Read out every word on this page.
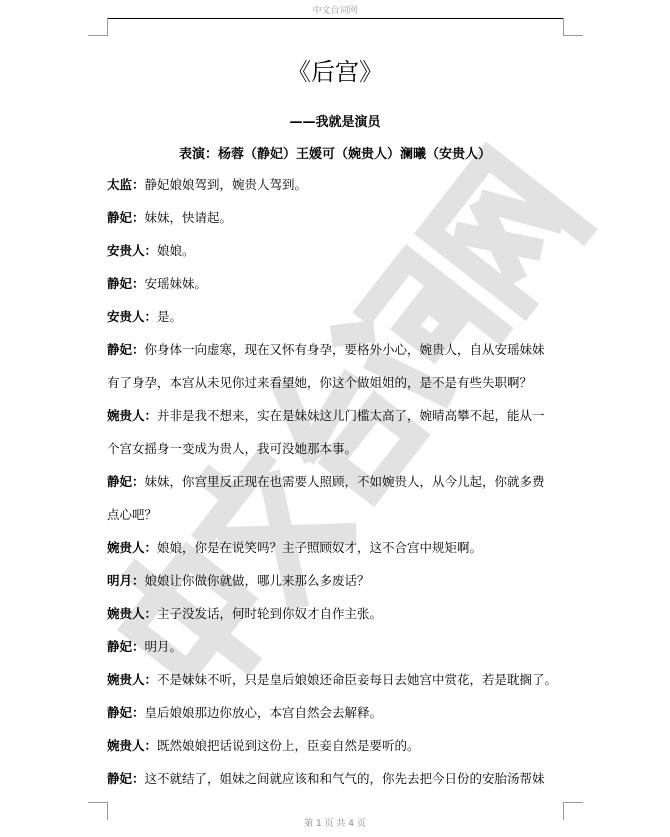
中文台词网
《后宫》
——我就是演员
表演：杨蓉（静妃）王媛可（婉贵人）澜曦（安贵人）
太监：静妃娘娘驾到，婉贵人驾到。
静妃：妹妹，快请起。
安贵人：娘娘。
静妃：安瑶妹妹。
安贵人：是。
静妃：你身体一向虚寒，现在又怀有身孕，要格外小心，婉贵人，自从安瑶妹妹
有了身孕，本宫从未见你过来看望她，你这个做姐姐的，是不是有些失职啊？
婉贵人：并非是我不想来，实在是妹妹这儿门槛太高了，婉晴高攀不起，能从一
个宫女摇身一变成为贵人，我可没她那本事。
静妃：妹妹，你宫里反正现在也需要人照顾，不如婉贵人，从今儿起，你就多费
点心吧？
婉贵人：娘娘，你是在说笑吗？主子照顾奴才，这不合宫中规矩啊。
明月：娘娘让你做你就做，哪儿来那么多废话？
婉贵人：主子没发话，何时轮到你奴才自作主张。
静妃：明月。
婉贵人：不是妹妹不听，只是皇后娘娘还命臣妾每日去她宫中赏花，若是耽搁了。
静妃：皇后娘娘那边你放心，本宫自然会去解释。
婉贵人：既然娘娘把话说到这份上，臣妾自然是要听的。
静妃：这不就结了，姐妹之间就应该和和气气的，你先去把今日份的安胎汤帮妹
第 1 页 共 4 页
